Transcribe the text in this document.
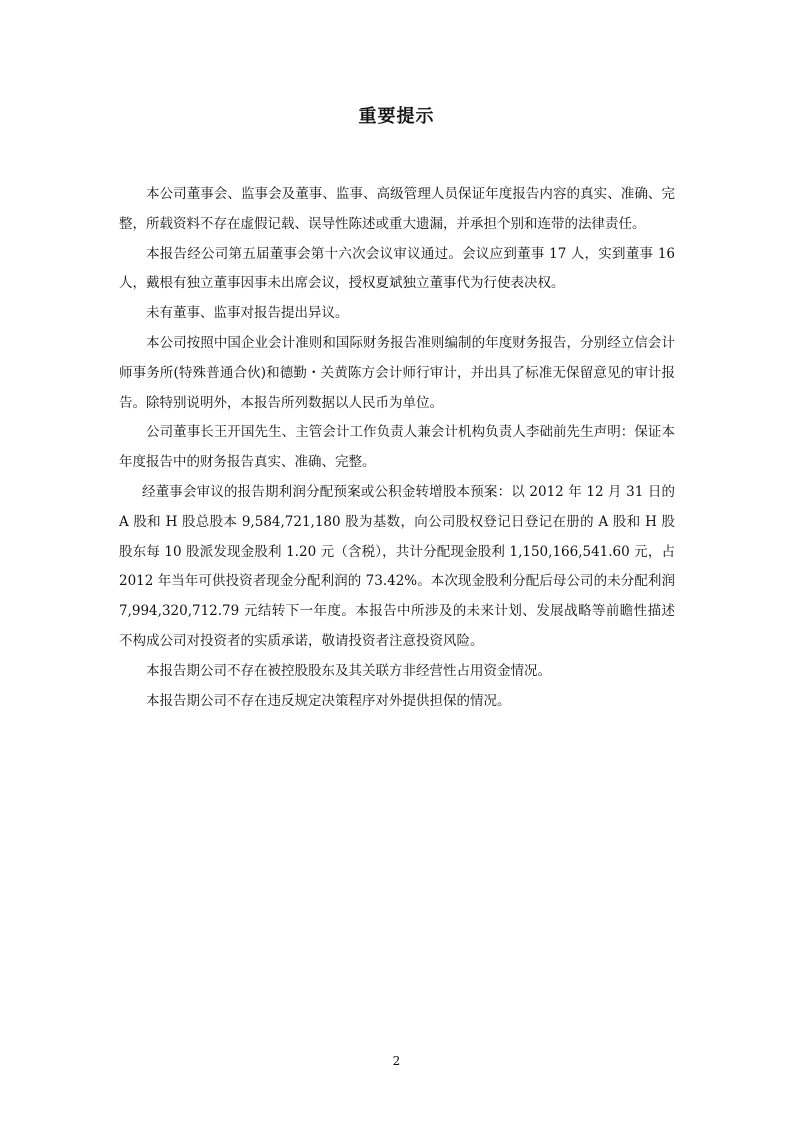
重要提示

本公司董事会、监事会及董事、监事、高级管理人员保证年度报告内容的真实、准确、完整，所载资料不存在虚假记载、误导性陈述或重大遗漏，并承担个别和连带的法律责任。

本报告经公司第五届董事会第十六次会议审议通过。会议应到董事 17 人，实到董事 16 人，戴根有独立董事因事未出席会议，授权夏斌独立董事代为行使表决权。

未有董事、监事对报告提出异议。

本公司按照中国企业会计准则和国际财务报告准则编制的年度财务报告，分别经立信会计师事务所(特殊普通合伙)和德勤・关黄陈方会计师行审计，并出具了标准无保留意见的审计报告。除特别说明外，本报告所列数据以人民币为单位。

公司董事长王开国先生、主管会计工作负责人兼会计机构负责人李础前先生声明：保证本年度报告中的财务报告真实、准确、完整。

经董事会审议的报告期利润分配预案或公积金转增股本预案：以 2012 年 12 月 31 日的 A 股和 H 股总股本 9,584,721,180 股为基数，向公司股权登记日登记在册的 A 股和 H 股股东每 10 股派发现金股利 1.20 元（含税），共计分配现金股利 1,150,166,541.60 元，占 2012 年当年可供投资者现金分配利润的 73.42%。本次现金股利分配后母公司的未分配利润 7,994,320,712.79 元结转下一年度。本报告中所涉及的未来计划、发展战略等前瞻性描述不构成公司对投资者的实质承诺，敬请投资者注意投资风险。

本报告期公司不存在被控股股东及其关联方非经营性占用资金情况。

本报告期公司不存在违反规定决策程序对外提供担保的情况。

2
